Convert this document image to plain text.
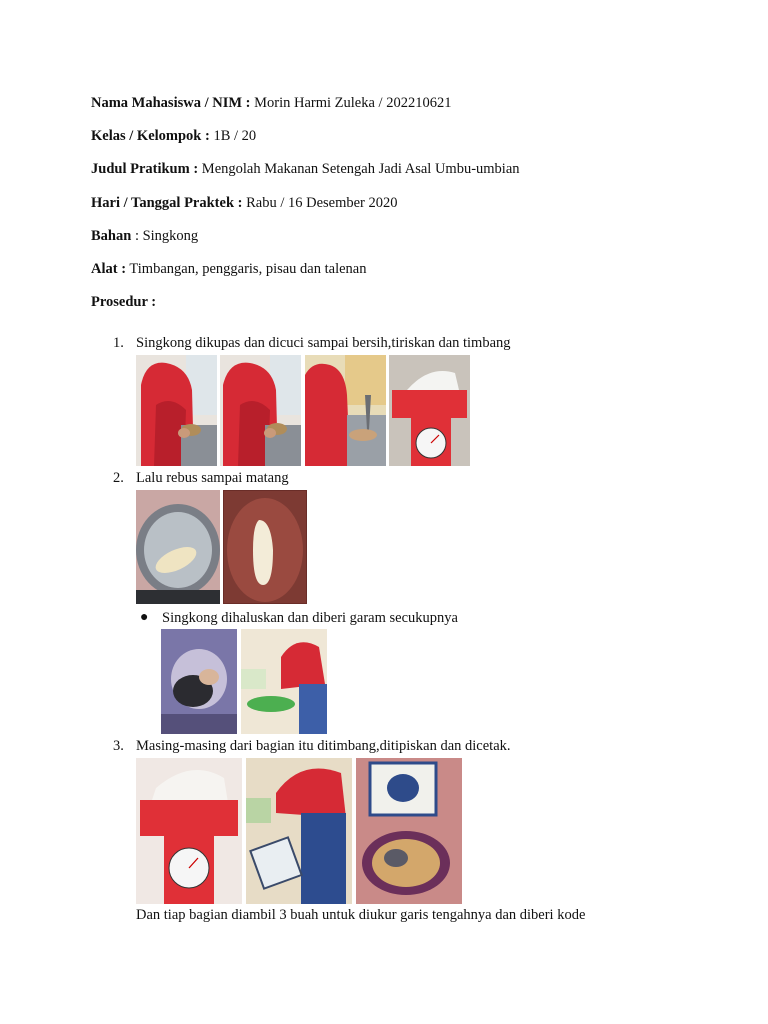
Nama Mahasiswa / NIM : Morin Harmi Zuleka / 202210621
Kelas / Kelompok : 1B / 20
Judul Pratikum : Mengolah Makanan Setengah Jadi Asal Umbu-umbian
Hari / Tanggal Praktek : Rabu / 16 Desember 2020
Bahan : Singkong
Alat : Timbangan, penggaris, pisau dan talenan
Prosedur :
1. Singkong dikupas dan dicuci sampai bersih,tiriskan dan timbang
2. Lalu rebus sampai matang
● Singkong dihaluskan dan diberi garam secukupnya
3. Masing-masing dari bagian itu ditimbang,ditipiskan dan dicetak.
Dan tiap bagian diambil 3 buah untuk diukur garis tengahnya dan diberi kode
